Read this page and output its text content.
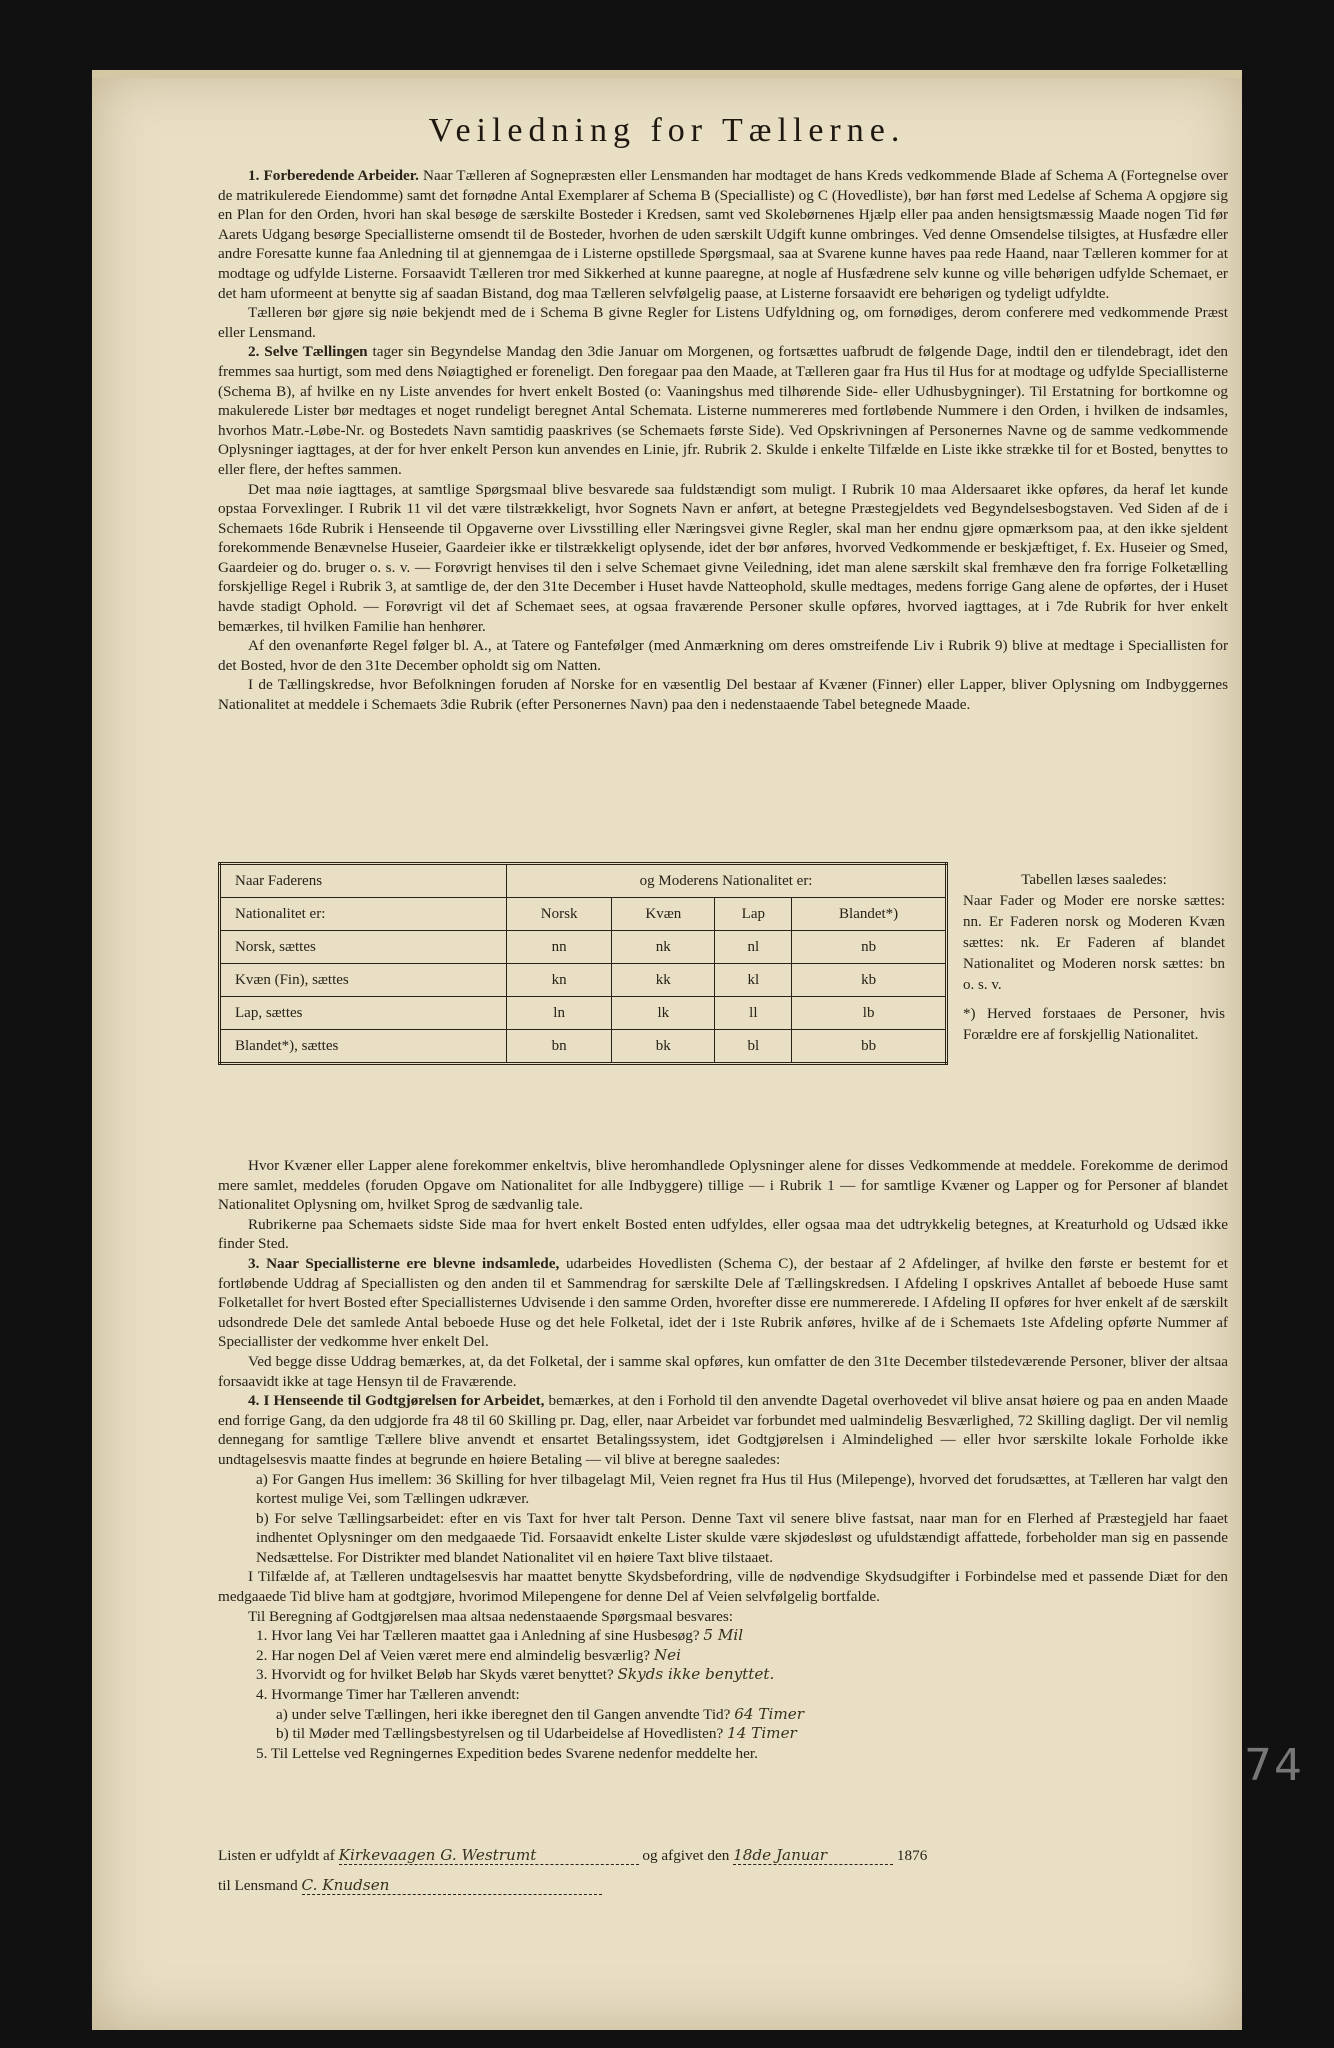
Veiledning for Tællerne.

1. Forberedende Arbeider. Naar Tælleren af Sognepræsten eller Lensmanden har modtaget de hans Kreds vedkommende Blade af Schema A (Fortegnelse over de matrikulerede Eiendomme) samt det fornødne Antal Exemplarer af Schema B (Specialliste) og C (Hovedliste), bør han først med Ledelse af Schema A opgjøre sig en Plan for den Orden, hvori han skal besøge de særskilte Bosteder i Kredsen, samt ved Skolebørnenes Hjælp eller paa anden hensigtsmæssig Maade nogen Tid før Aarets Udgang besørge Speciallisterne omsendt til de Bosteder, hvorhen de uden særskilt Udgift kunne ombringes. Ved denne Omsendelse tilsigtes, at Husfædre eller andre Foresatte kunne faa Anledning til at gjennemgaa de i Listerne opstillede Spørgsmaal, saa at Svarene kunne haves paa rede Haand, naar Tælleren kommer for at modtage og udfylde Listerne. Forsaavidt Tælleren tror med Sikkerhed at kunne paaregne, at nogle af Husfædrene selv kunne og ville behørigen udfylde Schemaet, er det ham uformeent at benytte sig af saadan Bistand, dog maa Tælleren selvfølgelig paase, at Listerne forsaavidt ere behørigen og tydeligt udfyldte.

Tælleren bør gjøre sig nøie bekjendt med de i Schema B givne Regler for Listens Udfyldning og, om fornødiges, derom conferere med vedkommende Præst eller Lensmand.

2. Selve Tællingen tager sin Begyndelse Mandag den 3die Januar om Morgenen, og fortsættes uafbrudt de følgende Dage, indtil den er tilendebragt, idet den fremmes saa hurtigt, som med dens Nøiagtighed er foreneligt. Den foregaar paa den Maade, at Tælleren gaar fra Hus til Hus for at modtage og udfylde Speciallisterne (Schema B), af hvilke en ny Liste anvendes for hvert enkelt Bosted (o: Vaaningshus med tilhørende Side- eller Udhusbygninger). Til Erstatning for bortkomne og makulerede Lister bør medtages et noget rundeligt beregnet Antal Schemata. Listerne nummereres med fortløbende Nummere i den Orden, i hvilken de indsamles, hvorhos Matr.-Løbe-Nr. og Bostedets Navn samtidig paaskrives (se Schemaets første Side). Ved Opskrivningen af Personernes Navne og de samme vedkommende Oplysninger iagttages, at der for hver enkelt Person kun anvendes en Linie, jfr. Rubrik 2. Skulde i enkelte Tilfælde en Liste ikke strække til for et Bosted, benyttes to eller flere, der heftes sammen.

Det maa nøie iagttages, at samtlige Spørgsmaal blive besvarede saa fuldstændigt som muligt. I Rubrik 10 maa Aldersaaret ikke opføres, da heraf let kunde opstaa Forvexlinger. I Rubrik 11 vil det være tilstrækkeligt, hvor Sognets Navn er anført, at betegne Præstegjeldets ved Begyndelsesbogstaven. Ved Siden af de i Schemaets 16de Rubrik i Henseende til Opgaverne over Livsstilling eller Næringsvei givne Regler, skal man her endnu gjøre opmærksom paa, at den ikke sjeldent forekommende Benævnelse Huseier, Gaardeier ikke er tilstrækkeligt oplysende, idet der bør anføres, hvorved Vedkommende er beskjæftiget, f. Ex. Huseier og Smed, Gaardeier og do. bruger o. s. v. — Forøvrigt henvises til den i selve Schemaet givne Veiledning, idet man alene særskilt skal fremhæve den fra forrige Folketælling forskjellige Regel i Rubrik 3, at samtlige de, der den 31te December i Huset havde Natteophold, skulle medtages, medens forrige Gang alene de opførtes, der i Huset havde stadigt Ophold. — Forøvrigt vil det af Schemaet sees, at ogsaa fraværende Personer skulle opføres, hvorved iagttages, at i 7de Rubrik for hver enkelt bemærkes, til hvilken Familie han henhører.

Af den ovenanførte Regel følger bl. A., at Tatere og Fantefølger (med Anmærkning om deres omstreifende Liv i Rubrik 9) blive at medtage i Speciallisten for det Bosted, hvor de den 31te December opholdt sig om Natten.

I de Tællingskredse, hvor Befolkningen foruden af Norske for en væsentlig Del bestaar af Kvæner (Finner) eller Lapper, bliver Oplysning om Indbyggernes Nationalitet at meddele i Schemaets 3die Rubrik (efter Personernes Navn) paa den i nedenstaaende Tabel betegnede Maade.

Naar Faderens	og Moderens Nationalitet er:			
Nationalitet er:	Norsk	Kvæn	Lap	Blandet*)
Norsk, sættes	nn	nk	nl	nb
Kvæn (Fin), sættes	kn	kk	kl	kb
Lap, sættes	ln	lk	ll	lb
Blandet*), sættes	bn	bk	bl	bb

Tabellen læses saaledes:

Naar Fader og Moder ere norske sættes: nn. Er Faderen norsk og Moderen Kvæn sættes: nk. Er Faderen af blandet Nationalitet og Moderen norsk sættes: bn o. s. v.

*) Herved forstaaes de Personer, hvis Forældre ere af forskjellig Nationalitet.

Hvor Kvæner eller Lapper alene forekommer enkeltvis, blive heromhandlede Oplysninger alene for disses Vedkommende at meddele. Forekomme de derimod mere samlet, meddeles (foruden Opgave om Nationalitet for alle Indbyggere) tillige — i Rubrik 1 — for samtlige Kvæner og Lapper og for Personer af blandet Nationalitet Oplysning om, hvilket Sprog de sædvanlig tale.

Rubrikerne paa Schemaets sidste Side maa for hvert enkelt Bosted enten udfyldes, eller ogsaa maa det udtrykkelig betegnes, at Kreaturhold og Udsæd ikke finder Sted.

3. Naar Speciallisterne ere blevne indsamlede, udarbeides Hovedlisten (Schema C), der bestaar af 2 Afdelinger, af hvilke den første er bestemt for et fortløbende Uddrag af Speciallisten og den anden til et Sammendrag for særskilte Dele af Tællingskredsen. I Afdeling I opskrives Antallet af beboede Huse samt Folketallet for hvert Bosted efter Speciallisternes Udvisende i den samme Orden, hvorefter disse ere nummererede. I Afdeling II opføres for hver enkelt af de særskilt udsondrede Dele det samlede Antal beboede Huse og det hele Folketal, idet der i 1ste Rubrik anføres, hvilke af de i Schemaets 1ste Afdeling opførte Nummer af Speciallister der vedkomme hver enkelt Del.

Ved begge disse Uddrag bemærkes, at, da det Folketal, der i samme skal opføres, kun omfatter de den 31te December tilstedeværende Personer, bliver der altsaa forsaavidt ikke at tage Hensyn til de Fraværende.

4. I Henseende til Godtgjørelsen for Arbeidet, bemærkes, at den i Forhold til den anvendte Dagetal overhovedet vil blive ansat høiere og paa en anden Maade end forrige Gang, da den udgjorde fra 48 til 60 Skilling pr. Dag, eller, naar Arbeidet var forbundet med ualmindelig Besværlighed, 72 Skilling dagligt. Der vil nemlig dennegang for samtlige Tællere blive anvendt et ensartet Betalingssystem, idet Godtgjørelsen i Almindelighed — eller hvor særskilte lokale Forholde ikke undtagelsesvis maatte findes at begrunde en høiere Betaling — vil blive at beregne saaledes:

a) For Gangen Hus imellem: 36 Skilling for hver tilbagelagt Mil, Veien regnet fra Hus til Hus (Milepenge), hvorved det forudsættes, at Tælleren har valgt den kortest mulige Vei, som Tællingen udkræver.
b) For selve Tællingsarbeidet: efter en vis Taxt for hver talt Person. Denne Taxt vil senere blive fastsat, naar man for en Flerhed af Præstegjeld har faaet indhentet Oplysninger om den medgaaede Tid. Forsaavidt enkelte Lister skulde være skjødesløst og ufuldstændigt affattede, forbeholder man sig en passende Nedsættelse. For Distrikter med blandet Nationalitet vil en høiere Taxt blive tilstaaet.

I Tilfælde af, at Tælleren undtagelsesvis har maattet benytte Skydsbefordring, ville de nødvendige Skydsudgifter i Forbindelse med et passende Diæt for den medgaaede Tid blive ham at godtgjøre, hvorimod Milepengene for denne Del af Veien selvfølgelig bortfalde.

Til Beregning af Godtgjørelsen maa altsaa nedenstaaende Spørgsmaal besvares:

1. Hvor lang Vei har Tælleren maattet gaa i Anledning af sine Husbesøg? 5 Mil
2. Har nogen Del af Veien været mere end almindelig besværlig? Nei
3. Hvorvidt og for hvilket Beløb har Skyds været benyttet? Skyds ikke benyttet.
4. Hvormange Timer har Tælleren anvendt:
a) under selve Tællingen, heri ikke iberegnet den til Gangen anvendte Tid? 64 Timer
b) til Møder med Tællingsbestyrelsen og til Udarbeidelse af Hovedlisten? 14 Timer
5. Til Lettelse ved Regningernes Expedition bedes Svarene nedenfor meddelte her.
Listen er udfyldt af Kirkevaagen G. Westrumt	og afgivet den 18de Januar	1876
til Lensmand C. Knudsen
74
